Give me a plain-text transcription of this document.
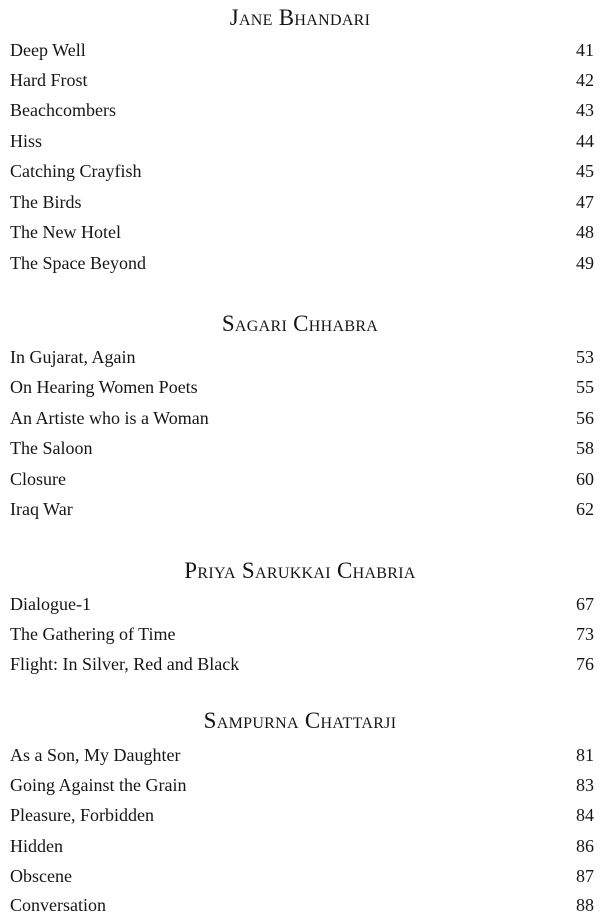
Jane Bhandari
Deep Well	41
Hard Frost	42
Beachcombers	43
Hiss	44
Catching Crayfish	45
The Birds	47
The New Hotel	48
The Space Beyond	49
Sagari Chhabra
In Gujarat, Again	53
On Hearing Women Poets	55
An Artiste who is a Woman	56
The Saloon	58
Closure	60
Iraq War	62
Priya Sarukkai Chabria
Dialogue-1	67
The Gathering of Time	73
Flight: In Silver, Red and Black	76
Sampurna Chattarji
As a Son, My Daughter	81
Going Against the Grain	83
Pleasure, Forbidden	84
Hidden	86
Obscene	87
Conversation	88
